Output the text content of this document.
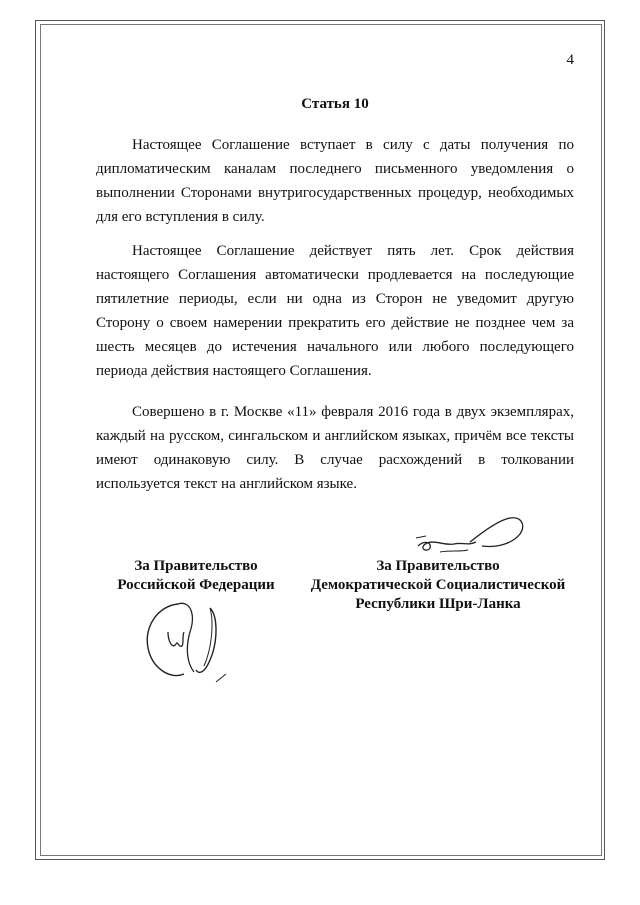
4
Статья 10

Настоящее Соглашение вступает в силу с даты получения по дипломатическим каналам последнего письменного уведомления о выполнении Сторонами внутригосударственных процедур, необходимых для его вступления в силу.

Настоящее Соглашение действует пять лет. Срок действия настоящего Соглашения автоматически продлевается на последующие пятилетние периоды, если ни одна из Сторон не уведомит другую Сторону о своем намерении прекратить его действие не позднее чем за шесть месяцев до истечения начального или любого последующего периода действия настоящего Соглашения.

Совершено в г. Москве «11» февраля 2016 года в двух экземплярах, каждый на русском, сингальском и английском языках, причём все тексты имеют одинаковую силу. В случае расхождений в толковании используется текст на английском языке.

За Правительство
Российской Федерации
За Правительство
Демократической Социалистической
Республики Шри-Ланка
